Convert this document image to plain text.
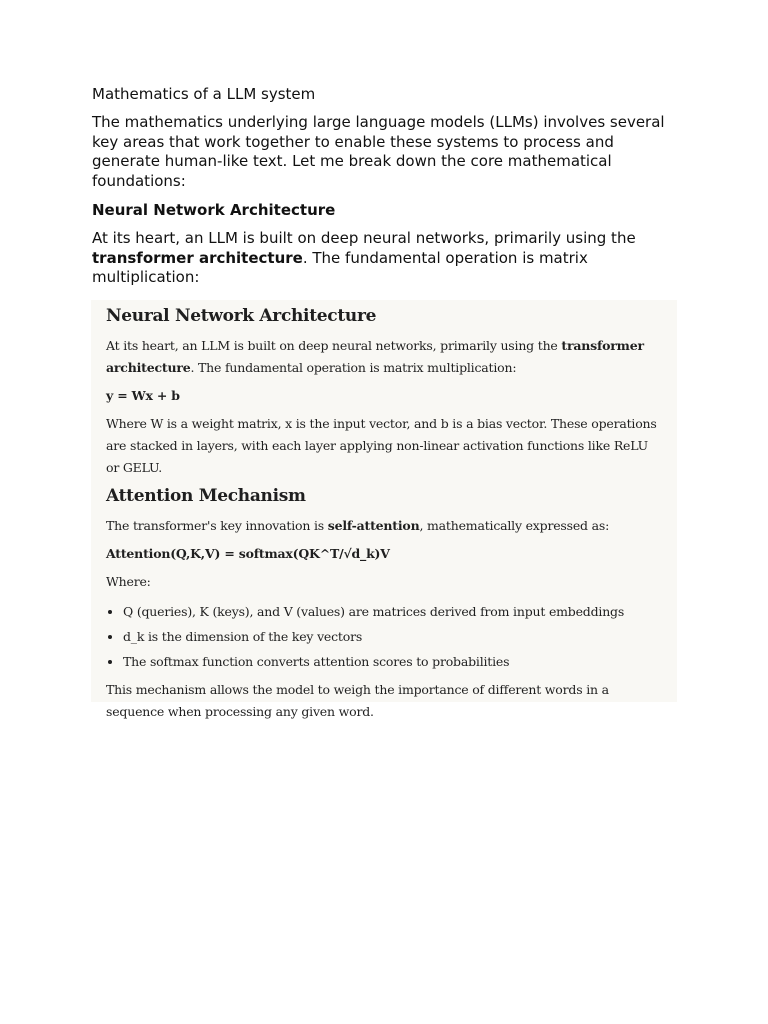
Mathematics of a LLM system

The mathematics underlying large language models (LLMs) involves several key areas that work together to enable these systems to process and generate human-like text. Let me break down the core mathematical foundations:

Neural Network Architecture

At its heart, an LLM is built on deep neural networks, primarily using the transformer architecture. The fundamental operation is matrix multiplication:

Neural Network Architecture

At its heart, an LLM is built on deep neural networks, primarily using the transformer architecture. The fundamental operation is matrix multiplication:

y = Wx + b

Where W is a weight matrix, x is the input vector, and b is a bias vector. These operations are stacked in layers, with each layer applying non-linear activation functions like ReLU or GELU.

Attention Mechanism

The transformer's key innovation is self-attention, mathematically expressed as:

Attention(Q,K,V) = softmax(QK^T/√d_k)V

Where:

• Q (queries), K (keys), and V (values) are matrices derived from input embeddings
• d_k is the dimension of the key vectors
• The softmax function converts attention scores to probabilities

This mechanism allows the model to weigh the importance of different words in a sequence when processing any given word.
